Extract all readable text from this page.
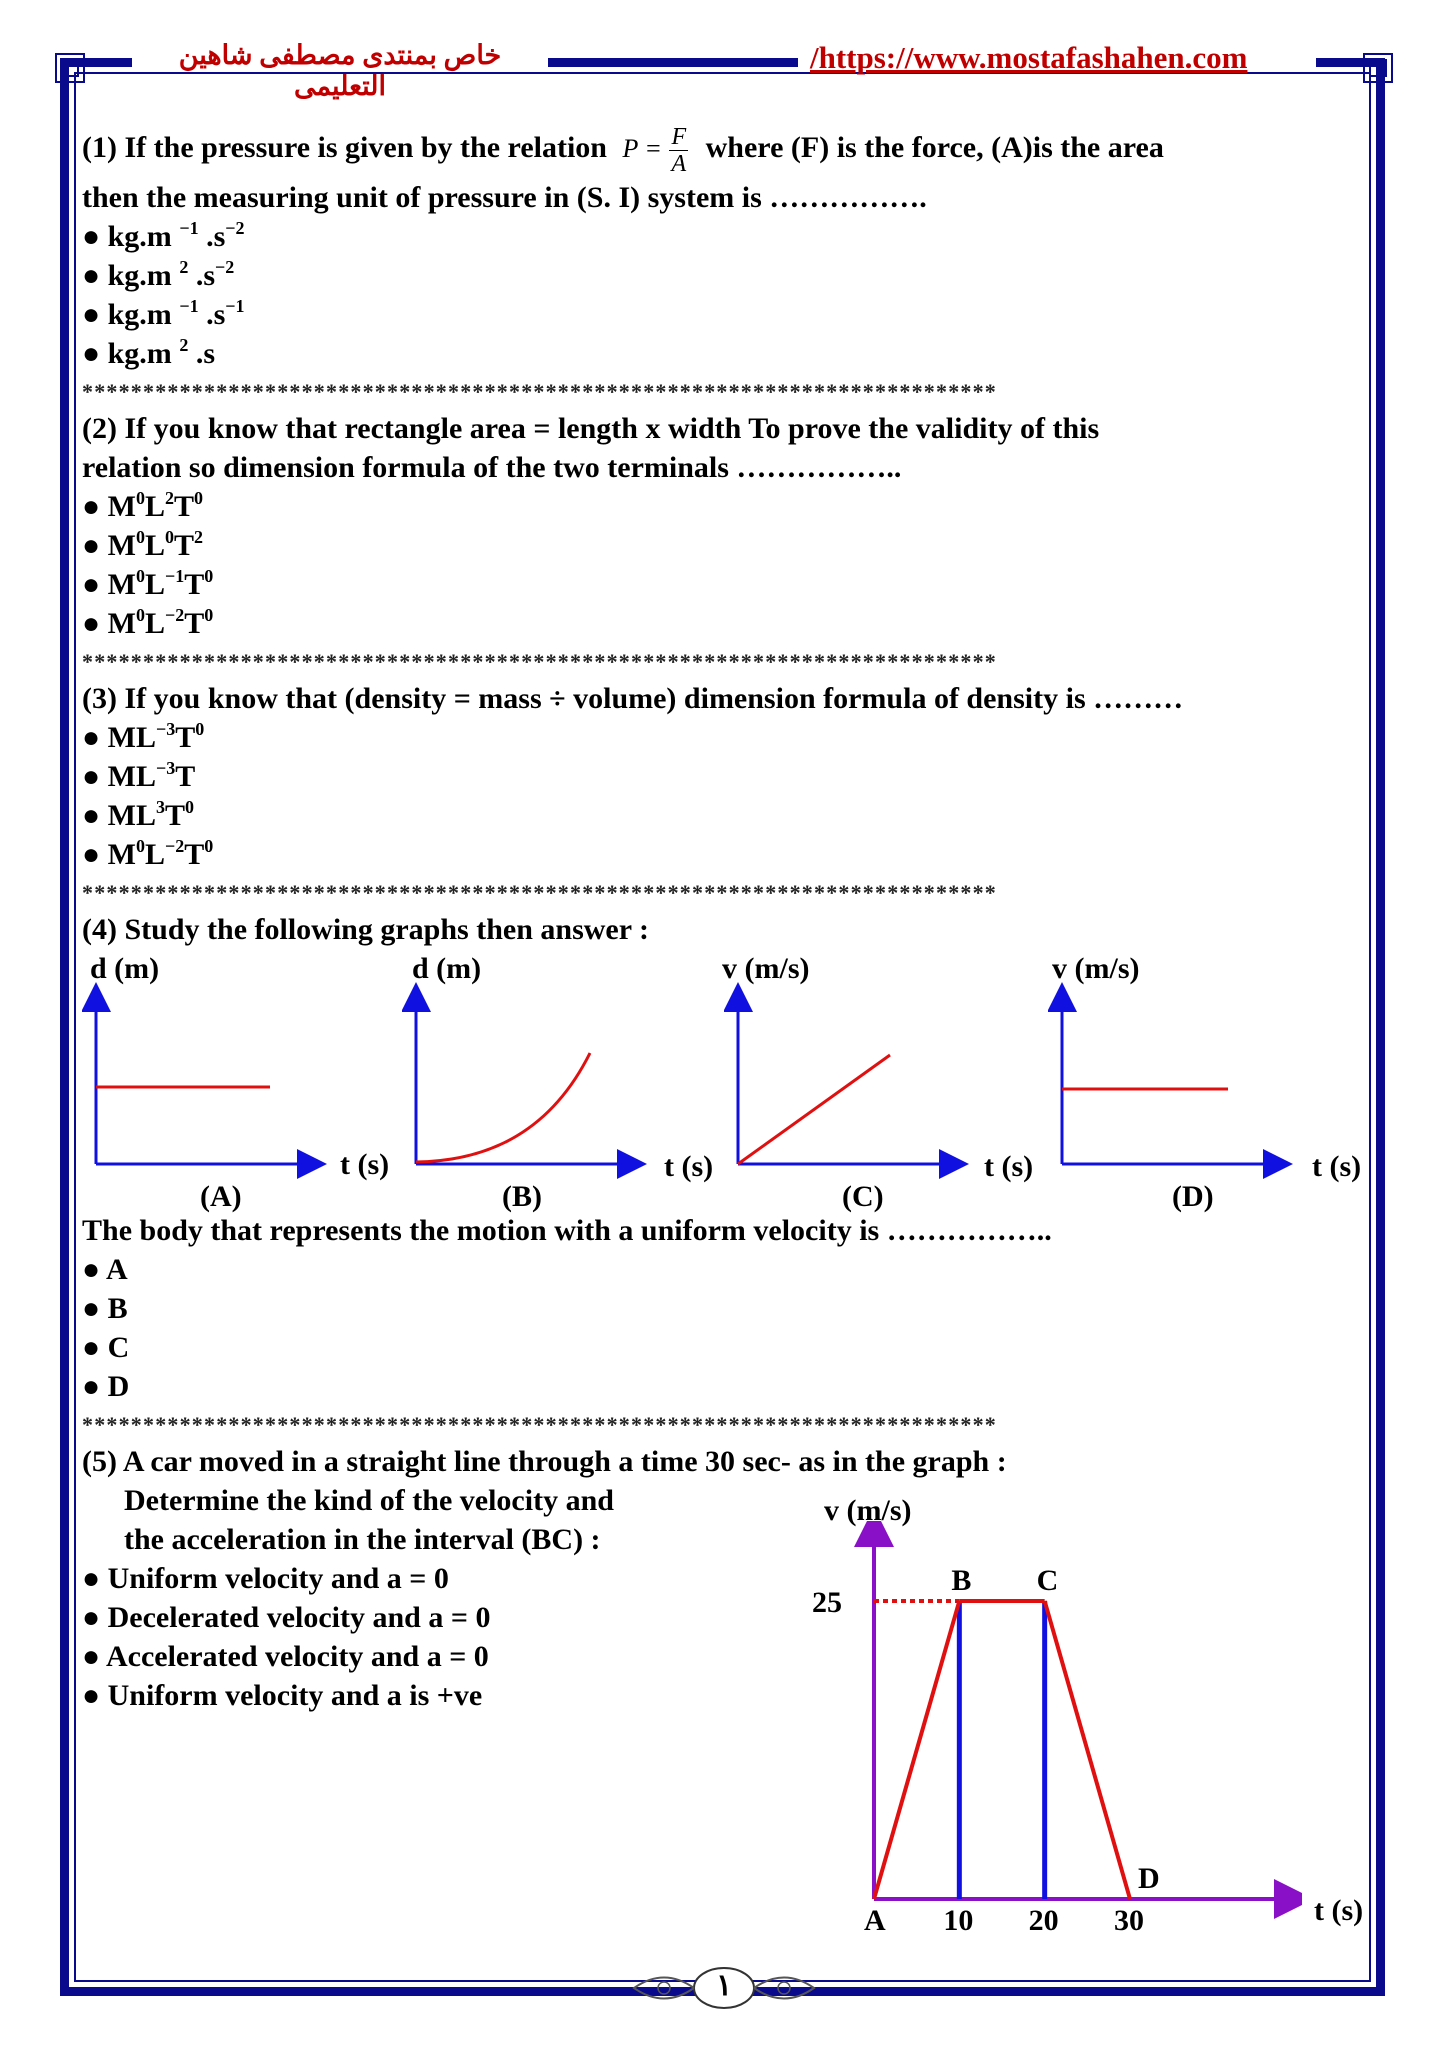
خاص بمنتدى مصطفى شاهين التعليمى
/https://www.mostafashahen.com
١
(1) If the pressure is given by the relation $P = \frac{F}{A}$ where (F) is the force, (A)is the area
then the measuring unit of pressure in (S. I) system is …………….
● kg.m $^{-1}$ $.s^{-2}$
● kg.m $^2$ $.s^{-2}$
● kg.m $^{-1}$ $.s^{-1}$
● kg.m $^2$ .s
***************************************************************************
(2) If you know that rectangle area = length x width To prove the validity of this
relation so dimension formula of the two terminals ……………..
● $M^0L^2T^0$
● $M^0L^0T^2$
● $M^0L^{-1}T^0$
● $M^0L^{-2}T^0$
***************************************************************************
(3) If you know that (density = mass ÷ volume) dimension formula of density is ………
● $ML^{-3}T^0$
● $ML^{-3}T$
● $ML^3T^0$
● $M^0L^{-2}T^0$
***************************************************************************
(4) Study the following graphs then answer :
d (m)
t (s)
(A)
d (m)
t (s)
(B)
v (m/s)
t (s)
(C)
v (m/s)
t (s)
(D)
The body that represents the motion with a uniform velocity is ……………..
● A
● B
● C
● D
***************************************************************************
(5) A car moved in a straight line through a time 30 sec- as in the graph :
Determine the kind of the velocity and
the acceleration in the interval (BC) :
● Uniform velocity and a = 0
● Decelerated velocity and a = 0
● Accelerated velocity and a = 0
● Uniform velocity and a is +ve
v (m/s)
t (s)
A
B C
D
25
10 20 30
